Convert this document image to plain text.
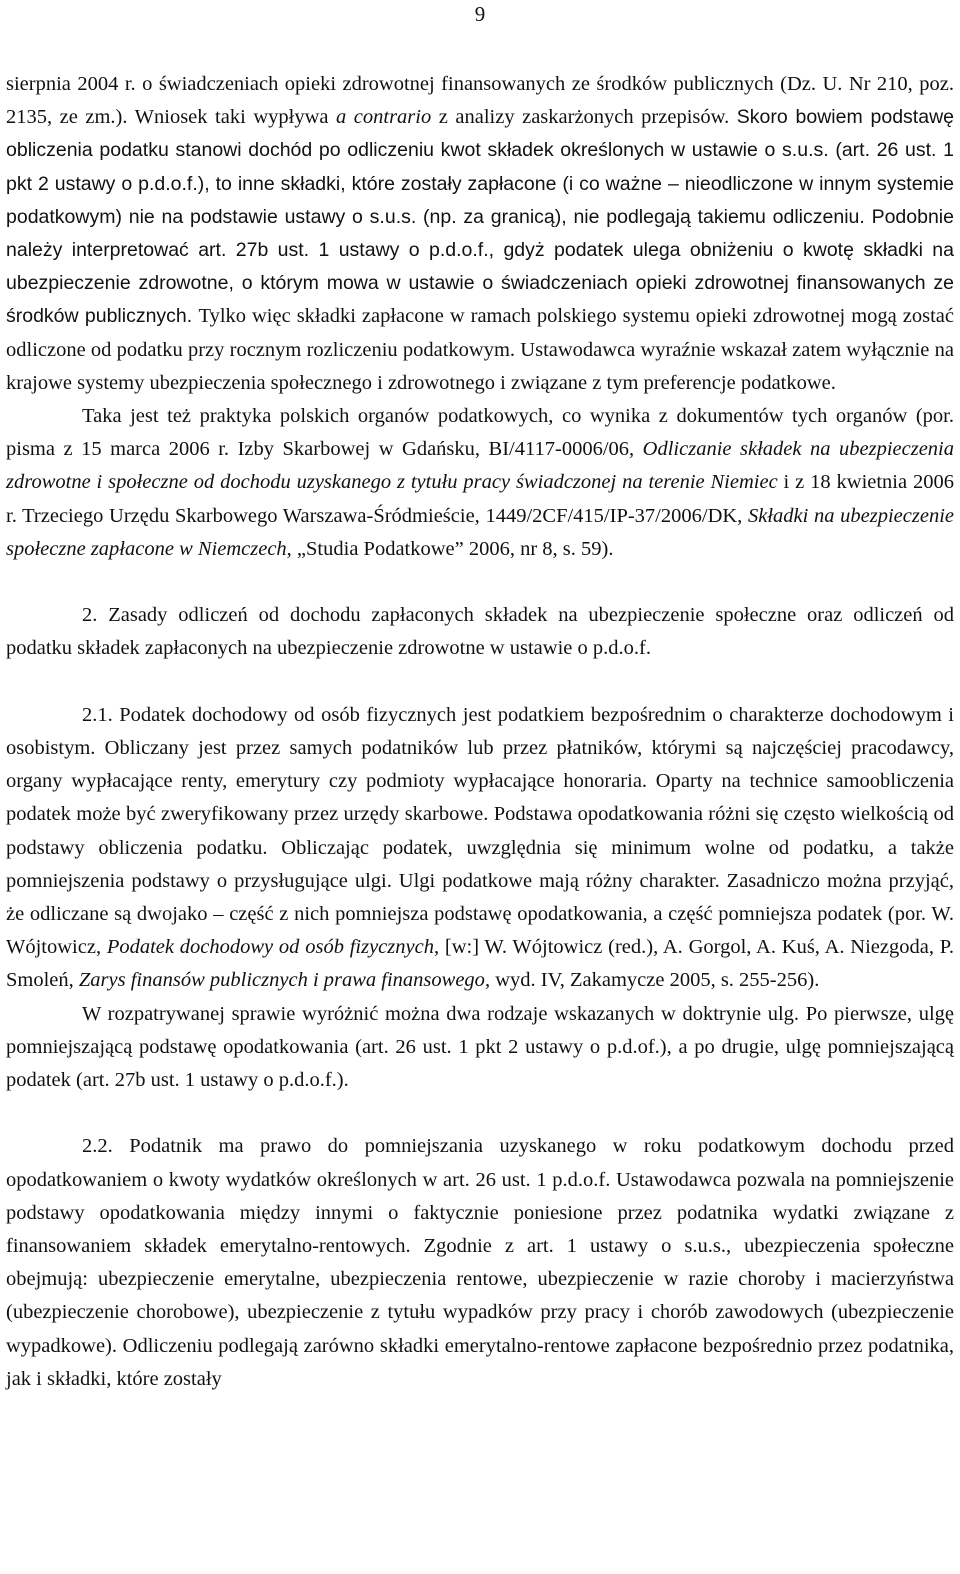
9

sierpnia 2004 r. o świadczeniach opieki zdrowotnej finansowanych ze środków publicznych (Dz. U. Nr 210, poz. 2135, ze zm.). Wniosek taki wypływa a contrario z analizy zaskarżonych przepisów. Skoro bowiem podstawę obliczenia podatku stanowi dochód po odliczeniu kwot składek określonych w ustawie o s.u.s. (art. 26 ust. 1 pkt 2 ustawy o p.d.o.f.), to inne składki, które zostały zapłacone (i co ważne – nieodliczone w innym systemie podatkowym) nie na podstawie ustawy o s.u.s. (np. za granicą), nie podlegają takiemu odliczeniu. Podobnie należy interpretować art. 27b ust. 1 ustawy o p.d.o.f., gdyż podatek ulega obniżeniu o kwotę składki na ubezpieczenie zdrowotne, o którym mowa w ustawie o świadczeniach opieki zdrowotnej finansowanych ze środków publicznych. Tylko więc składki zapłacone w ramach polskiego systemu opieki zdrowotnej mogą zostać odliczone od podatku przy rocznym rozliczeniu podatkowym. Ustawodawca wyraźnie wskazał zatem wyłącznie na krajowe systemy ubezpieczenia społecznego i zdrowotnego i związane z tym preferencje podatkowe.

Taka jest też praktyka polskich organów podatkowych, co wynika z dokumentów tych organów (por. pisma z 15 marca 2006 r. Izby Skarbowej w Gdańsku, BI/4117-0006/06, Odliczanie składek na ubezpieczenia zdrowotne i społeczne od dochodu uzyskanego z tytułu pracy świadczonej na terenie Niemiec i z 18 kwietnia 2006 r. Trzeciego Urzędu Skarbowego Warszawa-Śródmieście, 1449/2CF/415/IP-37/2006/DK, Składki na ubezpieczenie społeczne zapłacone w Niemczech, „Studia Podatkowe” 2006, nr 8, s. 59).

2. Zasady odliczeń od dochodu zapłaconych składek na ubezpieczenie społeczne oraz odliczeń od podatku składek zapłaconych na ubezpieczenie zdrowotne w ustawie o p.d.o.f.

2.1. Podatek dochodowy od osób fizycznych jest podatkiem bezpośrednim o charakterze dochodowym i osobistym. Obliczany jest przez samych podatników lub przez płatników, którymi są najczęściej pracodawcy, organy wypłacające renty, emerytury czy podmioty wypłacające honoraria. Oparty na technice samoobliczenia podatek może być zweryfikowany przez urzędy skarbowe. Podstawa opodatkowania różni się często wielkością od podstawy obliczenia podatku. Obliczając podatek, uwzględnia się minimum wolne od podatku, a także pomniejszenia podstawy o przysługujące ulgi. Ulgi podatkowe mają różny charakter. Zasadniczo można przyjąć, że odliczane są dwojako – część z nich pomniejsza podstawę opodatkowania, a część pomniejsza podatek (por. W. Wójtowicz, Podatek dochodowy od osób fizycznych, [w:] W. Wójtowicz (red.), A. Gorgol, A. Kuś, A. Niezgoda, P. Smoleń, Zarys finansów publicznych i prawa finansowego, wyd. IV, Zakamycze 2005, s. 255-256).

W rozpatrywanej sprawie wyróżnić można dwa rodzaje wskazanych w doktrynie ulg. Po pierwsze, ulgę pomniejszającą podstawę opodatkowania (art. 26 ust. 1 pkt 2 ustawy o p.d.of.), a po drugie, ulgę pomniejszającą podatek (art. 27b ust. 1 ustawy o p.d.o.f.).

2.2. Podatnik ma prawo do pomniejszania uzyskanego w roku podatkowym dochodu przed opodatkowaniem o kwoty wydatków określonych w art. 26 ust. 1 p.d.o.f. Ustawodawca pozwala na pomniejszenie podstawy opodatkowania między innymi o faktycznie poniesione przez podatnika wydatki związane z finansowaniem składek emerytalno-rentowych. Zgodnie z art. 1 ustawy o s.u.s., ubezpieczenia społeczne obejmują: ubezpieczenie emerytalne, ubezpieczenia rentowe, ubezpieczenie w razie choroby i macierzyństwa (ubezpieczenie chorobowe), ubezpieczenie z tytułu wypadków przy pracy i chorób zawodowych (ubezpieczenie wypadkowe). Odliczeniu podlegają zarówno składki emerytalno-rentowe zapłacone bezpośrednio przez podatnika, jak i składki, które zostały
